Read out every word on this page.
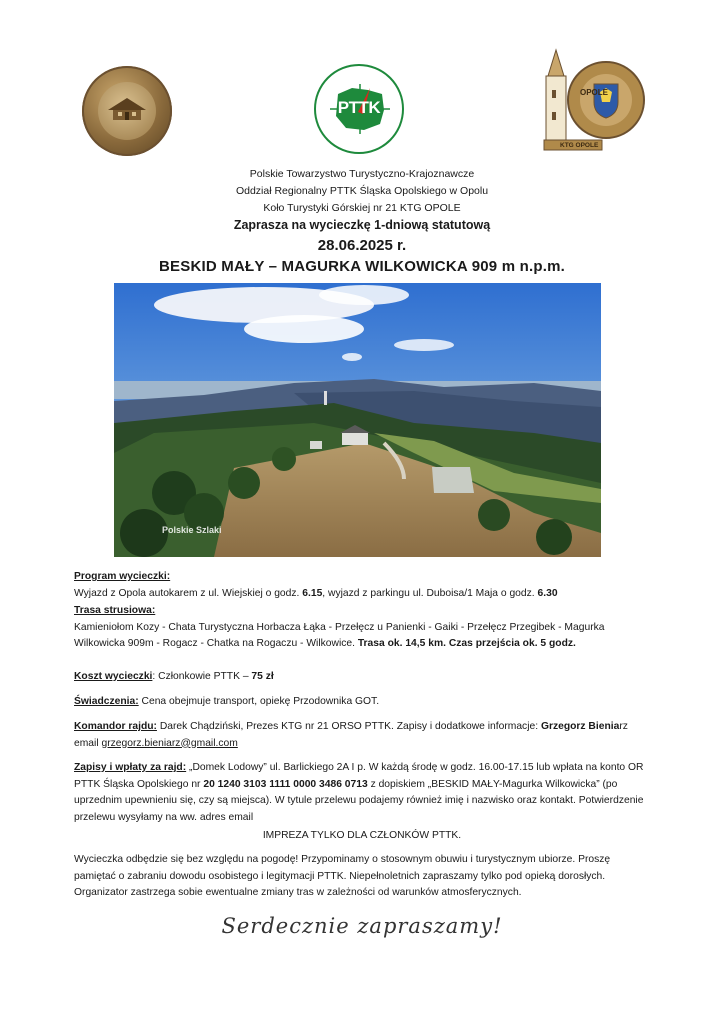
PTTK
OPOLE
KTG OPOLE
Polskie Towarzystwo Turystyczno-Krajoznawcze
Oddział Regionalny PTTK Śląska Opolskiego w Opolu
Koło Turystyki Górskiej nr 21 KTG OPOLE
Zaprasza na wycieczkę 1-dniową statutową
28.06.2025 r.
BESKID MAŁY – MAGURKA WILKOWICKA 909 m n.p.m.
Polskie Szlaki

Program wycieczki:

Wyjazd z Opola autokarem z ul. Wiejskiej o godz. 6.15, wyjazd z parkingu ul. Duboisa/1 Maja o godz. 6.30

Trasa strusiowa:

Kamieniołom Kozy - Chata Turystyczna Horbacza Łąka - Przełęcz u Panienki - Gaiki - Przełęcz Przegibek - Magurka Wilkowicka 909m - Rogacz - Chatka na Rogaczu - Wilkowice. Trasa ok. 14,5 km. Czas przejścia ok. 5 godz.

Koszt wycieczki: Członkowie PTTK – 75 zł

Świadczenia: Cena obejmuje transport, opiekę Przodownika GOT.

Komandor rajdu: Darek Chądziński, Prezes KTG nr 21 ORSO PTTK. Zapisy i dodatkowe informacje: Grzegorz Bieniarz

email grzegorz.bieniarz@gmail.com

Zapisy i wpłaty za rajd: „Domek Lodowy” ul. Barlickiego 2A I p. W każdą środę w godz. 16.00-17.15 lub wpłata na konto OR PTTK Śląska Opolskiego nr 20 1240 3103 1111 0000 3486 0713 z dopiskiem „BESKID MAŁY-Magurka Wilkowicka” (po uprzednim upewnieniu się, czy są miejsca). W tytule przelewu podajemy również imię i nazwisko oraz kontakt. Potwierdzenie przelewu wysyłamy na ww. adres email

IMPREZA TYLKO DLA CZŁONKÓW PTTK.

Wycieczka odbędzie się bez względu na pogodę! Przypominamy o stosownym obuwiu i turystycznym ubiorze. Proszę pamiętać o zabraniu dowodu osobistego i legitymacji PTTK. Niepełnoletnich zapraszamy tylko pod opieką dorosłych. Organizator zastrzega sobie ewentualne zmiany tras w zależności od warunków atmosferycznych.

Serdecznie zapraszamy!
